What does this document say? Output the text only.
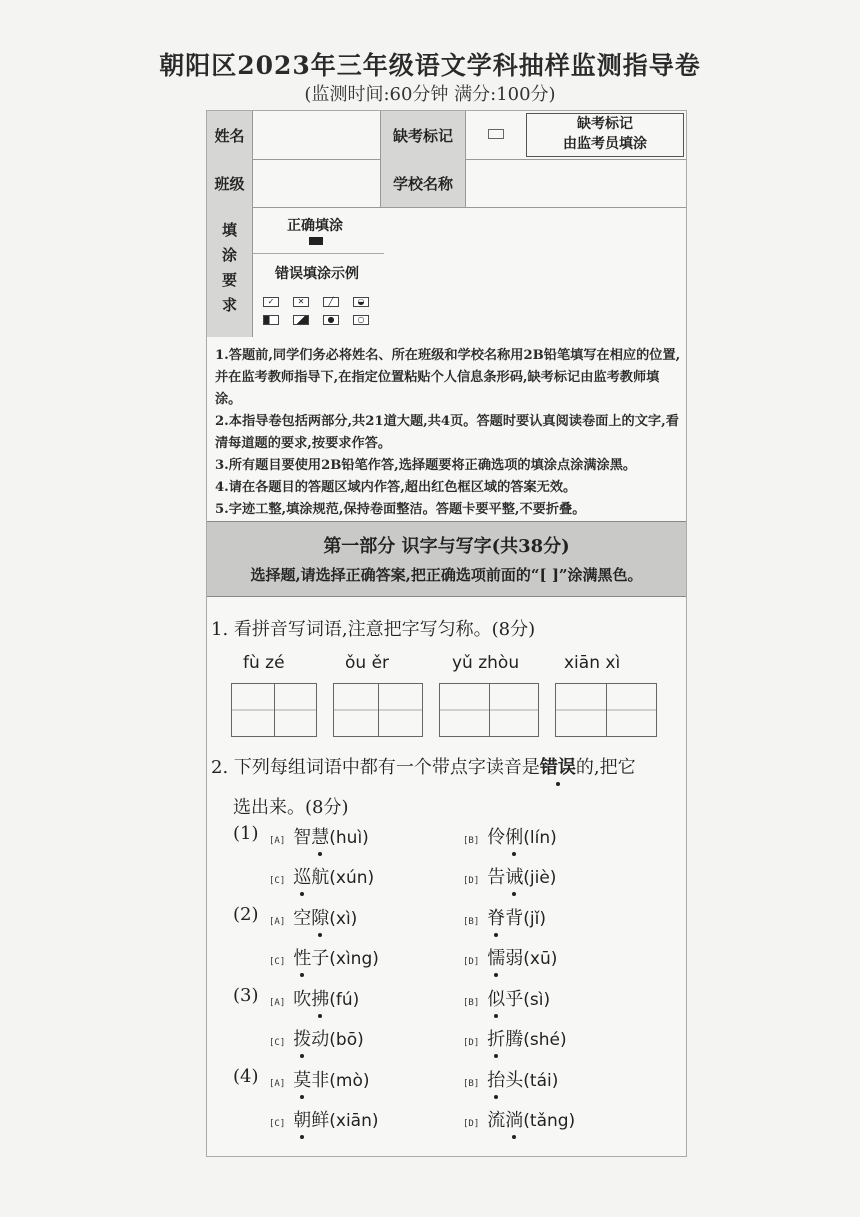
朝阳区2023年三年级语文学科抽样监测指导卷
(监测时间:60分钟 满分:100分)
姓名	缺考标记
缺考标记
由监考员填涂
班级	学校名称
填涂要求	正确填涂
错误填涂示例
✓	✕	╱	◒
●	○

1.答题前,同学们务必将姓名、所在班级和学校名称用2B铅笔填写在相应的位置,并在监考教师指导下,在指定位置粘贴个人信息条形码,缺考标记由监考教师填涂。

2.本指导卷包括两部分,共21道大题,共4页。答题时要认真阅读卷面上的文字,看清每道题的要求,按要求作答。

3.所有题目要使用2B铅笔作答,选择题要将正确选项的填涂点涂满涂黑。

4.请在各题目的答题区域内作答,超出红色框区域的答案无效。

5.字迹工整,填涂规范,保持卷面整洁。答题卡要平整,不要折叠。

第一部分 识字与写字(共38分)
选择题,请选择正确答案,把正确选项前面的“[ ]”涂满黑色。
1. 看拼音写词语,注意把字写匀称。(8分)
fù zé	ǒu ěr	yǔ zhòu	xiān xì
2. 下列每组词语中都有一个带点字读音是错误的,把它
选出来。(8分)
(1) [A] 智慧(huì)	[B] 伶俐(lín)
[C] 巡航(xún)	[D] 告诫(jiè)
(2) [A] 空隙(xì)	[B] 脊背(jǐ)
[C] 性子(xìng)	[D] 懦弱(xū)
(3) [A] 吹拂(fú)	[B] 似乎(sì)
[C] 拨动(bō)	[D] 折腾(shé)
(4) [A] 莫非(mò)	[B] 抬头(tái)
[C] 朝鲜(xiān)	[D] 流淌(tǎng)
